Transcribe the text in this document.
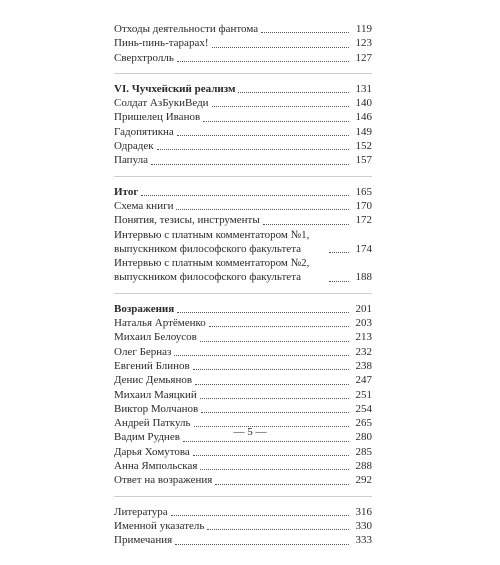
Отходы деятельности фантома	119
Пинь-пинь-тарарах!	123
Сверхтролль	127
VI. Чучхейский реализм	131
Солдат АзБукиВеди	140
Пришелец Иванов	146
Гадопятикна	149
Одрадек	152
Папула	157
Итог	165
Схема книги	170
Понятия, тезисы, инструменты	172
Интервью с платным комментатором №1, выпускником философского факультета	174
Интервью с платным комментатором №2, выпускником философского факультета	188
Возражения	201
Наталья Артёменко	203
Михаил Белоусов	213
Олег Берназ	232
Евгений Блинов	238
Денис Демьянов	247
Михаил Маяцкий	251
Виктор Молчанов	254
Андрей Паткуль	265
Вадим Руднев	280
Дарья Хомутова	285
Анна Ямпольская	288
Ответ на возражения	292
Литература	316
Именной указатель	330
Примечания	333
— 5 —
